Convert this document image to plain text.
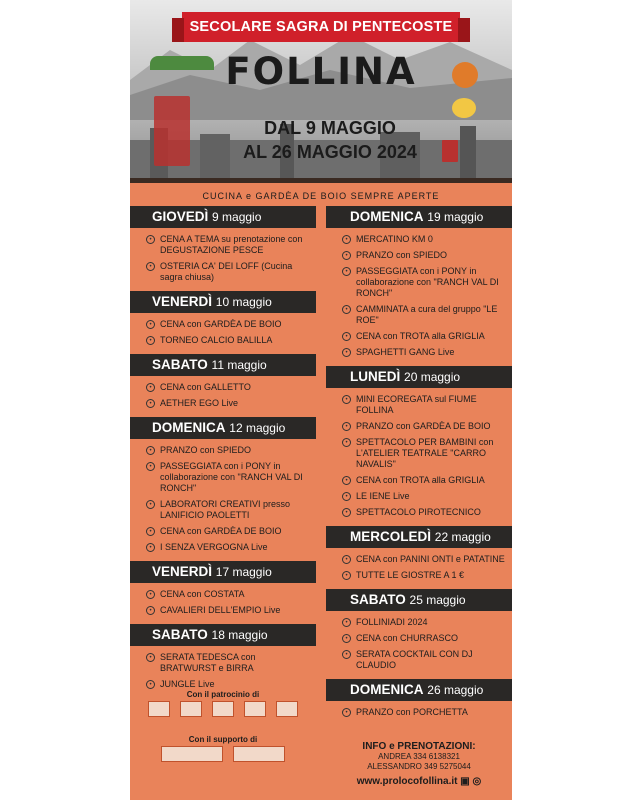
SECOLARE SAGRA DI PENTECOSTE
FOLLINA
DAL 9 MAGGIO
AL 26 MAGGIO 2024
CUCINA e GARDÈA DE BOIO SEMPRE APERTE
GIOVEDÌ 9 maggio
• CENA A TEMA su prenotazione con DEGUSTAZIONE PESCE
• OSTERIA CA' DEI LOFF (Cucina sagra chiusa)
VENERDÌ 10 maggio
• CENA con GARDÈA DE BOIO
• TORNEO CALCIO BALILLA
SABATO 11 maggio
• CENA con GALLETTO
• AETHER EGO Live
DOMENICA 12 maggio
• PRANZO con SPIEDO
• PASSEGGIATA con i PONY in collaborazione con "RANCH VAL DI RONCH"
• LABORATORI CREATIVI presso LANIFICIO PAOLETTI
• CENA con GARDÈA DE BOIO
• I SENZA VERGOGNA Live
VENERDÌ 17 maggio
• CENA con COSTATA
• CAVALIERI DELL'EMPIO Live
SABATO 18 maggio
• SERATA TEDESCA con BRATWURST e BIRRA
• JUNGLE Live
DOMENICA 19 maggio
• MERCATINO KM 0
• PRANZO con SPIEDO
• PASSEGGIATA con i PONY in collaborazione con "RANCH VAL DI RONCH"
• CAMMINATA a cura del gruppo "LE ROE"
• CENA con TROTA alla GRIGLIA
• SPAGHETTI GANG Live
LUNEDÌ 20 maggio
• MINI ECOREGATA sul FIUME FOLLINA
• PRANZO con GARDÈA DE BOIO
• SPETTACOLO PER BAMBINI con L'ATELIER TEATRALE "CARRO NAVALIS"
• CENA con TROTA alla GRIGLIA
• LE IENE Live
• SPETTACOLO PIROTECNICO
MERCOLEDÌ 22 maggio
• CENA con PANINI ONTI e PATATINE
• TUTTE LE GIOSTRE A 1 €
SABATO 25 maggio
• FOLLINIADI 2024
• CENA con CHURRASCO
• SERATA COCKTAIL CON DJ CLAUDIO
DOMENICA 26 maggio
• PRANZO con PORCHETTA
Con il patrocinio di

Con il supporto di

INFO e PRENOTAZIONI:
ANDREA 334 6138321
ALESSANDRO 349 5275044
www.prolocofollina.it ▣ ◎
